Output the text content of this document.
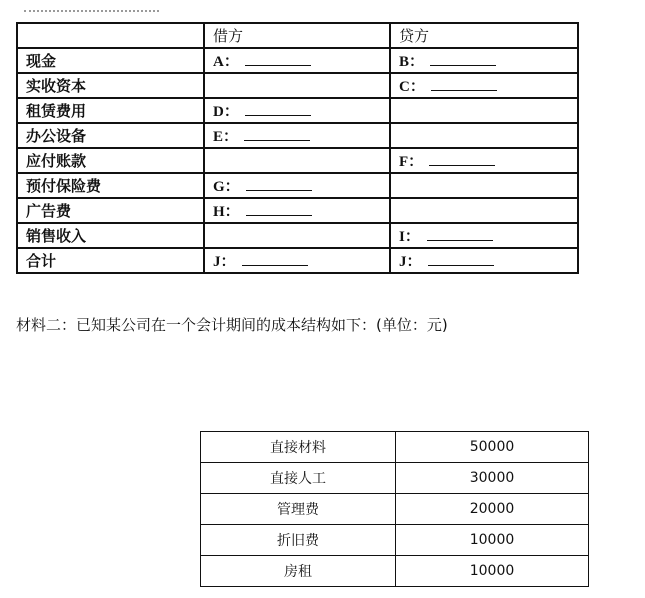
	借方	贷方
现金	A：	B：
实收资本		C：
租赁费用	D：	
办公设备	E：	
应付账款		F：
预付保险费	G：	
广告费	H：	
销售收入		I：
合计	J：	J：
材料二：已知某公司在一个会计期间的成本结构如下：(单位：元)
直接材料	50000
直接人工	30000
管理费	20000
折旧费	10000
房租	10000
